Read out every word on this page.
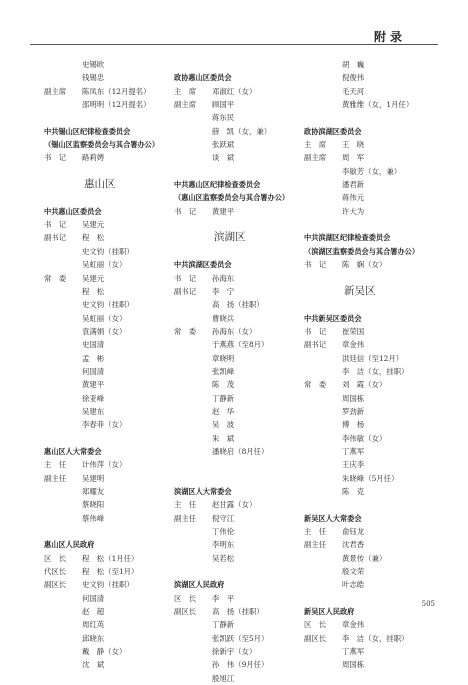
附录
史锡欧
钱锡忠
副主席 陈凤东（12月提名）
邵明明（12月提名）
中共锡山区纪律检查委员会
（锡山区监察委员会与其合署办公）
书　记 路莉娉
惠山区
中共惠山区委员会
书　记 吴建元
副书记 程　松
史文钧（挂职）
吴虹丽（女）
常　委 吴建元
程　松
史文钧（挂职）
吴虹丽（女）
袁满娟（女）
史国清
孟　彬
何国清
黄建平
徐亚峰
吴建东
李春菲（女）
惠山区人大常委会
主　任 计伟萍（女）
副主任 吴建明
郑耀友
蔡晓阳
蔡伟峰
惠山区人民政府
区　长 程　松（1月任）
代区长 程　松（至1月）
副区长 史文钧（挂职）
何国清
赵　超
周红英
邱晓东
戴　静（女）
沈　斌
政协惠山区委员会
主　席 邓淑红（女）
副主席 顾国平
蒋东民
薛　凯（女，兼）
张跃斌
谈　斌
中共惠山区纪律检查委员会
（惠山区监察委员会与其合署办公）
书　记 黄建平
滨湖区
中共滨湖区委员会
书　记 孙海东
副书记 李　宁
高　扬（挂职）
曹晓兵
常　委 孙海东（女）
于燕燕（至8月）
章晓明
张凯峰
陈　茂
丁静新
赵　华
吴　波
朱　斌
潘晓启（8月任）
滨湖区人大常委会
主　任 赵甘露（女）
副主任 倪守江
丁伟伦
李明东
吴若松
滨湖区人民政府
区　长 李　平
副区长 高　扬（挂职）
丁静新
张凯跃（至5月）
徐新宇（女）
孙　伟（9月任）
殷旭江
胡　巍
倪俊伟
毛天河
黄雅维（女，1月任）
政协滨湖区委员会
主　席 王　晓
副主席 周　军
李敏芳（女，兼）
潘君新
蒋伟元
许大为
中共滨湖区纪律检查委员会
（滨湖区监察委员会与其合署办公）
书　记 陈　娴（女）
新吴区
中共新吴区委员会
书　记 崔荣国
副书记 章金伟
洪廷信（至12月）
李　洁（女，挂职）
常　委 刘　霞（女）
周国栋
罗劲新
傅　杨
李伟敏（女）
丁燕军
王庆李
朱晓峰（5月任）
陈　克
新吴区人大常委会
主　任 俞钰龙
副主任 沈君香
黄景传（兼）
殷文荣
叶志皓
新吴区人民政府
区　长 章金伟
副区长 李　洁（女，挂职）
丁燕军
周国栋
505
